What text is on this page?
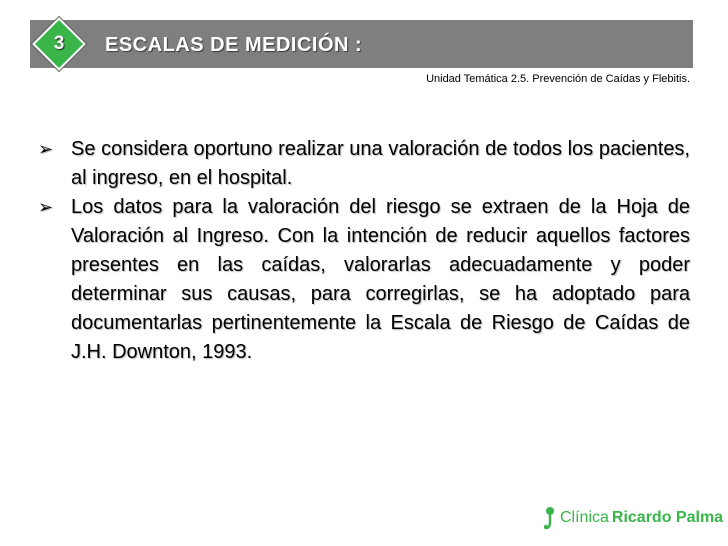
3	ESCALAS DE MEDICIÓN :
Unidad Temática 2.5. Prevención de Caídas y Flebitis.
➢ Se considera oportuno realizar una valoración de todos los pacientes, al ingreso, en el hospital.
➢ Los datos para la valoración del riesgo se extraen de la Hoja de Valoración al Ingreso. Con la intención de reducir aquellos factores presentes en las caídas, valorarlas adecuadamente y poder determinar sus causas, para corregirlas, se ha adoptado para documentarlas pertinentemente la Escala de Riesgo de Caídas de J.H. Downton, 1993.
Clínica Ricardo Palma
